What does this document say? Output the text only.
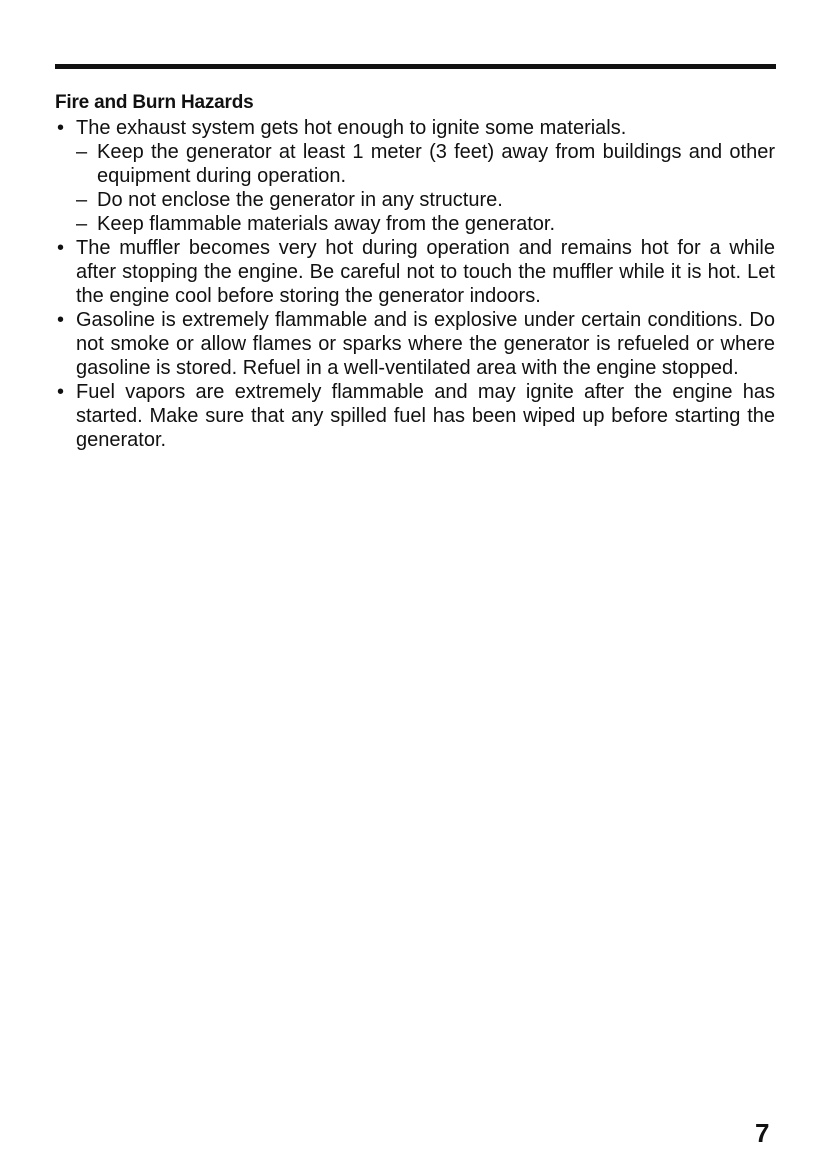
Fire and Burn Hazards
• The exhaust system gets hot enough to ignite some materials.
– Keep the generator at least 1 meter (3 feet) away from buildings and other equipment during operation.
– Do not enclose the generator in any structure.
– Keep flammable materials away from the generator.
• The muffler becomes very hot during operation and remains hot for a while after stopping the engine. Be careful not to touch the muffler while it is hot. Let the engine cool before storing the generator indoors.
• Gasoline is extremely flammable and is explosive under certain conditions. Do not smoke or allow flames or sparks where the generator is refueled or where gasoline is stored. Refuel in a well-ventilated area with the engine stopped.
• Fuel vapors are extremely flammable and may ignite after the engine has started. Make sure that any spilled fuel has been wiped up before starting the generator.
7
